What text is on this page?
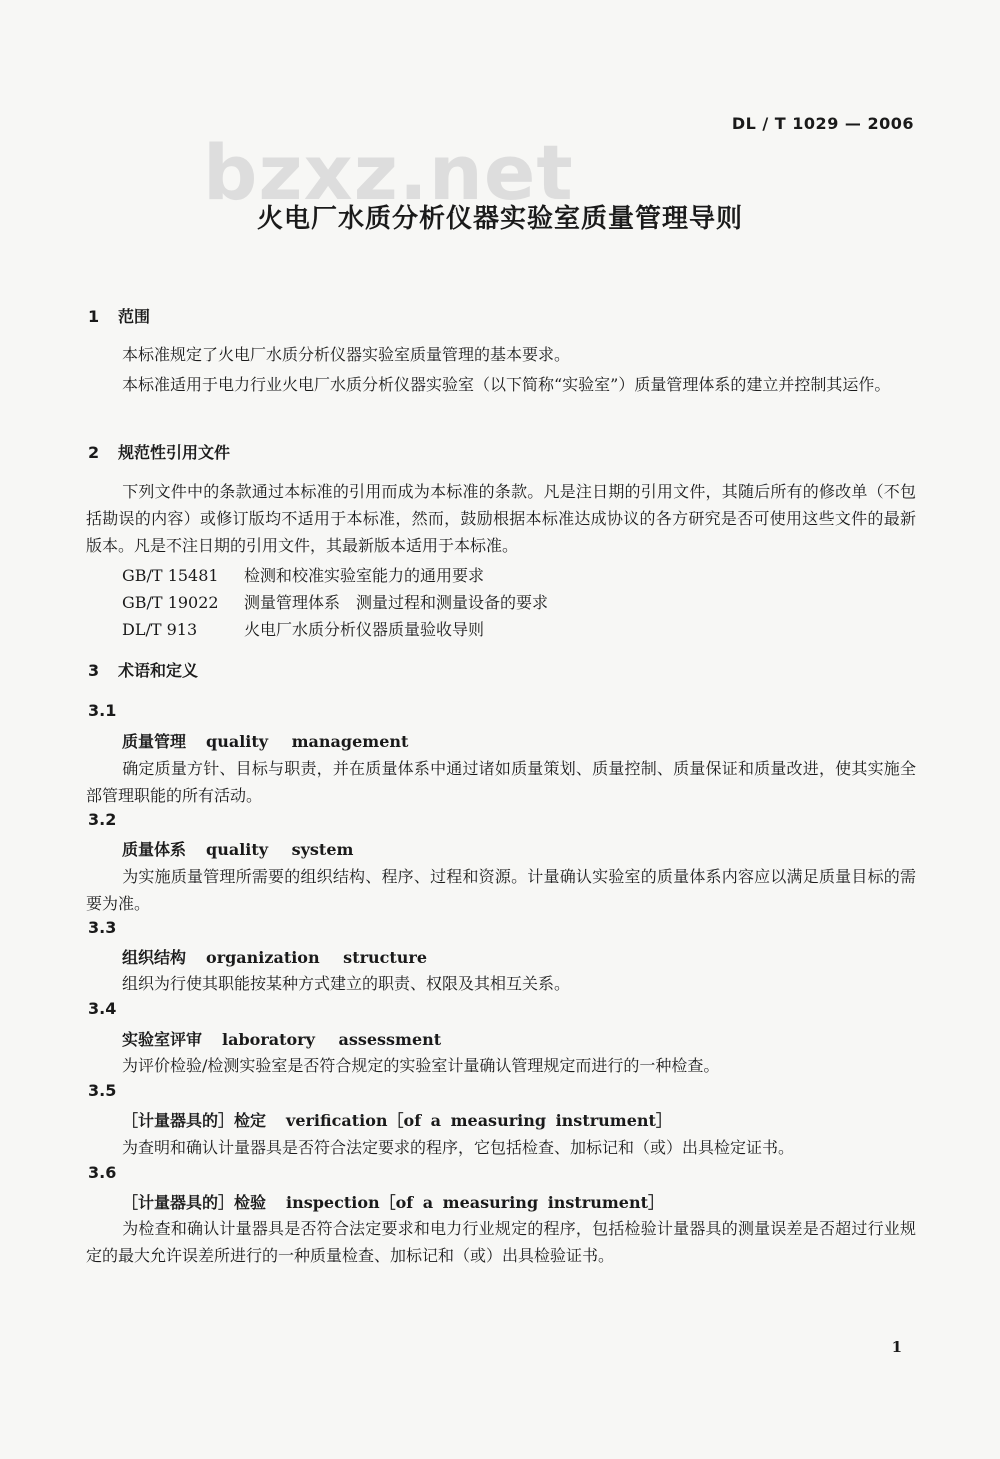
bzxz.net
DL / T 1029 — 2006
火电厂水质分析仪器实验室质量管理导则
1 范围
本标准规定了火电厂水质分析仪器实验室质量管理的基本要求。
本标准适用于电力行业火电厂水质分析仪器实验室（以下简称“实验室”）质量管理体系的建立并控制其运作。
2 规范性引用文件
下列文件中的条款通过本标准的引用而成为本标准的条款。凡是注日期的引用文件，其随后所有的修改单（不包括勘误的内容）或修订版均不适用于本标准，然而，鼓励根据本标准达成协议的各方研究是否可使用这些文件的最新版本。凡是不注日期的引用文件，其最新版本适用于本标准。
GB/T 15481 检测和校准实验室能力的通用要求
GB/T 19022 测量管理体系　测量过程和测量设备的要求
DL/T 913	火电厂水质分析仪器质量验收导则
3 术语和定义
3.1
质量管理 quality management
确定质量方针、目标与职责，并在质量体系中通过诸如质量策划、质量控制、质量保证和质量改进，使其实施全部管理职能的所有活动。
3.2
质量体系 quality system
为实施质量管理所需要的组织结构、程序、过程和资源。计量确认实验室的质量体系内容应以满足质量目标的需要为准。
3.3
组织结构 organization structure
组织为行使其职能按某种方式建立的职责、权限及其相互关系。
3.4
实验室评审 laboratory assessment
为评价检验/检测实验室是否符合规定的实验室计量确认管理规定而进行的一种检查。
3.5
［计量器具的］检定 verification［of a measuring instrument］
为查明和确认计量器具是否符合法定要求的程序，它包括检查、加标记和（或）出具检定证书。
3.6
［计量器具的］检验 inspection［of a measuring instrument］
为检查和确认计量器具是否符合法定要求和电力行业规定的程序，包括检验计量器具的测量误差是否超过行业规定的最大允许误差所进行的一种质量检查、加标记和（或）出具检验证书。
1
